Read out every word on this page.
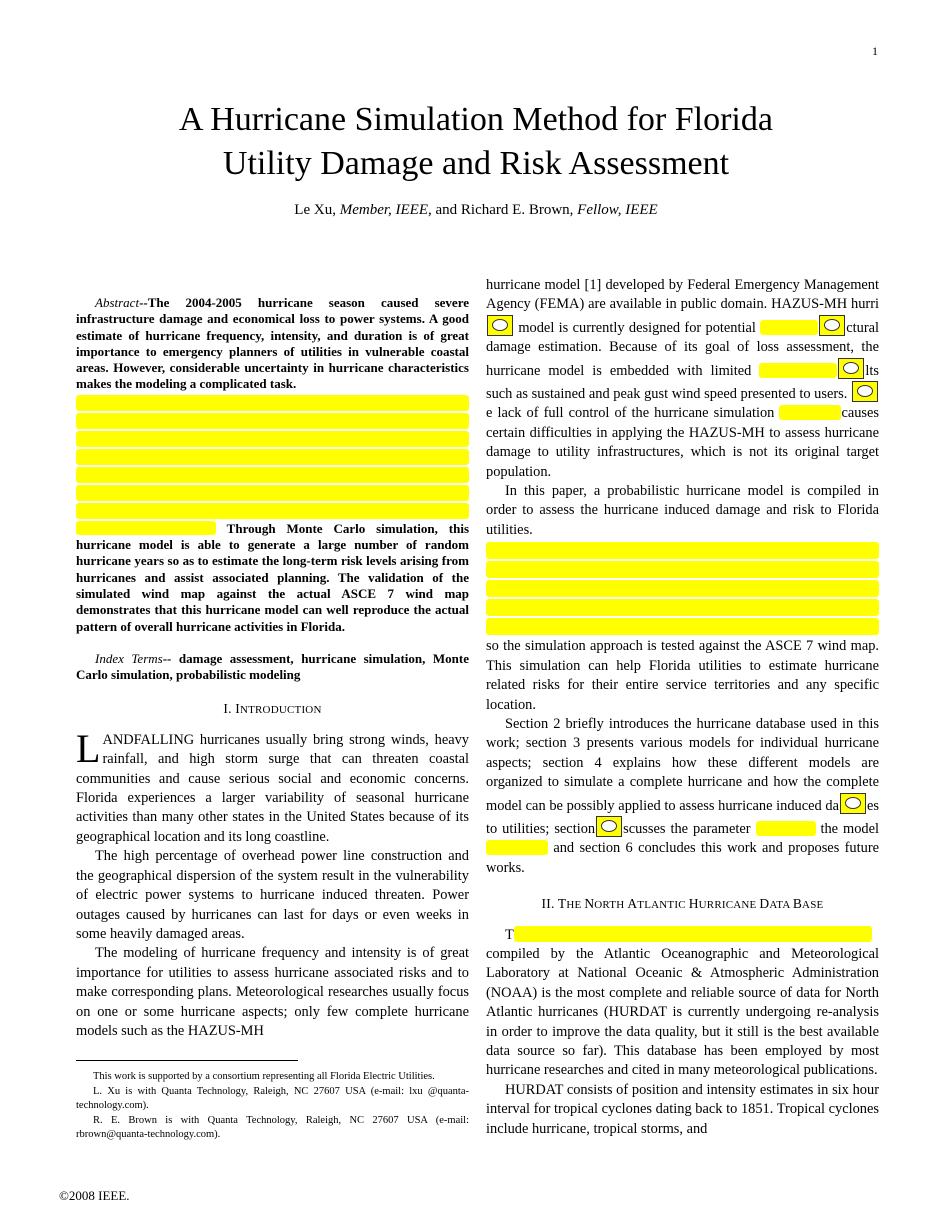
1
A Hurricane Simulation Method for Florida
Utility Damage and Risk Assessment
Le Xu, Member, IEEE, and Richard E. Brown, Fellow, IEEE

Abstract--The 2004-2005 hurricane season caused severe infrastructure damage and economical loss to power systems. A good estimate of hurricane frequency, intensity, and duration is of great importance to emergency planners of utilities in vulnerable coastal areas. However, considerable uncertainty in hurricane characteristics makes the modeling a complicated task.

Through Monte Carlo simulation, this hurricane model is able to generate a large number of random hurricane years so as to estimate the long-term risk levels arising from hurricanes and assist associated planning. The validation of the simulated wind map against the actual ASCE 7 wind map demonstrates that this hurricane model can well reproduce the actual pattern of overall hurricane activities in Florida.

Index Terms-- damage assessment, hurricane simulation, Monte Carlo simulation, probabilistic modeling

I. INTRODUCTION

LANDFALLING hurricanes usually bring strong winds, heavy rainfall, and high storm surge that can threaten coastal communities and cause serious social and economic concerns. Florida experiences a larger variability of seasonal hurricane activities than many other states in the United States because of its geographical location and its long coastline.

The high percentage of overhead power line construction and the geographical dispersion of the system result in the vulnerability of electric power systems to hurricane induced threaten. Power outages caused by hurricanes can last for days or even weeks in some heavily damaged areas.

The modeling of hurricane frequency and intensity is of great importance for utilities to assess hurricane associated risks and to make corresponding plans. Meteorological researches usually focus on one or some hurricane aspects; only few complete hurricane models such as the HAZUS-MH

hurricane model [1] developed by Federal Emergency Management Agency (FEMA) are available in public domain. HAZUS-MH hurri model is currently designed for potential	ctural damage estimation. Because of its goal of loss assessment, the hurricane model is embedded with limited	lts such as sustained and peak gust wind speed presented to users. e lack of full control of the hurricane simulation	causes certain difficulties in applying the HAZUS-MH to assess hurricane damage to utility infrastructures, which is not its original target population.

In this paper, a probabilistic hurricane model is compiled in order to assess the hurricane induced damage and risk to Florida utilities.

so the simulation approach is tested against the ASCE 7 wind map. This simulation can help Florida utilities to estimate hurricane related risks for their entire service territories and any specific location.

Section 2 briefly introduces the hurricane database used in this work; section 3 presents various models for individual hurricane aspects; section 4 explains how these different models are organized to simulate a complete hurricane and how the complete model can be possibly applied to assess hurricane induced da es to utilities; section scusses the parameter	the model  and section 6 concludes this work and proposes future works.

II. THE NORTH ATLANTIC HURRICANE DATA BASE

T

compiled by the Atlantic Oceanographic and Meteorological Laboratory at National Oceanic & Atmospheric Administration (NOAA) is the most complete and reliable source of data for North Atlantic hurricanes (HURDAT is currently undergoing re-analysis in order to improve the data quality, but it still is the best available data source so far). This database has been employed by most hurricane researches and cited in many meteorological publications.

HURDAT consists of position and intensity estimates in six hour interval for tropical cyclones dating back to 1851. Tropical cyclones include hurricane, tropical storms, and

This work is supported by a consortium representing all Florida Electric Utilities.

L. Xu is with Quanta Technology, Raleigh, NC 27607 USA (e-mail: lxu @quanta-technology.com).

R. E. Brown is with Quanta Technology, Raleigh, NC 27607 USA (e-mail: rbrown@quanta-technology.com).

©2008 IEEE.
